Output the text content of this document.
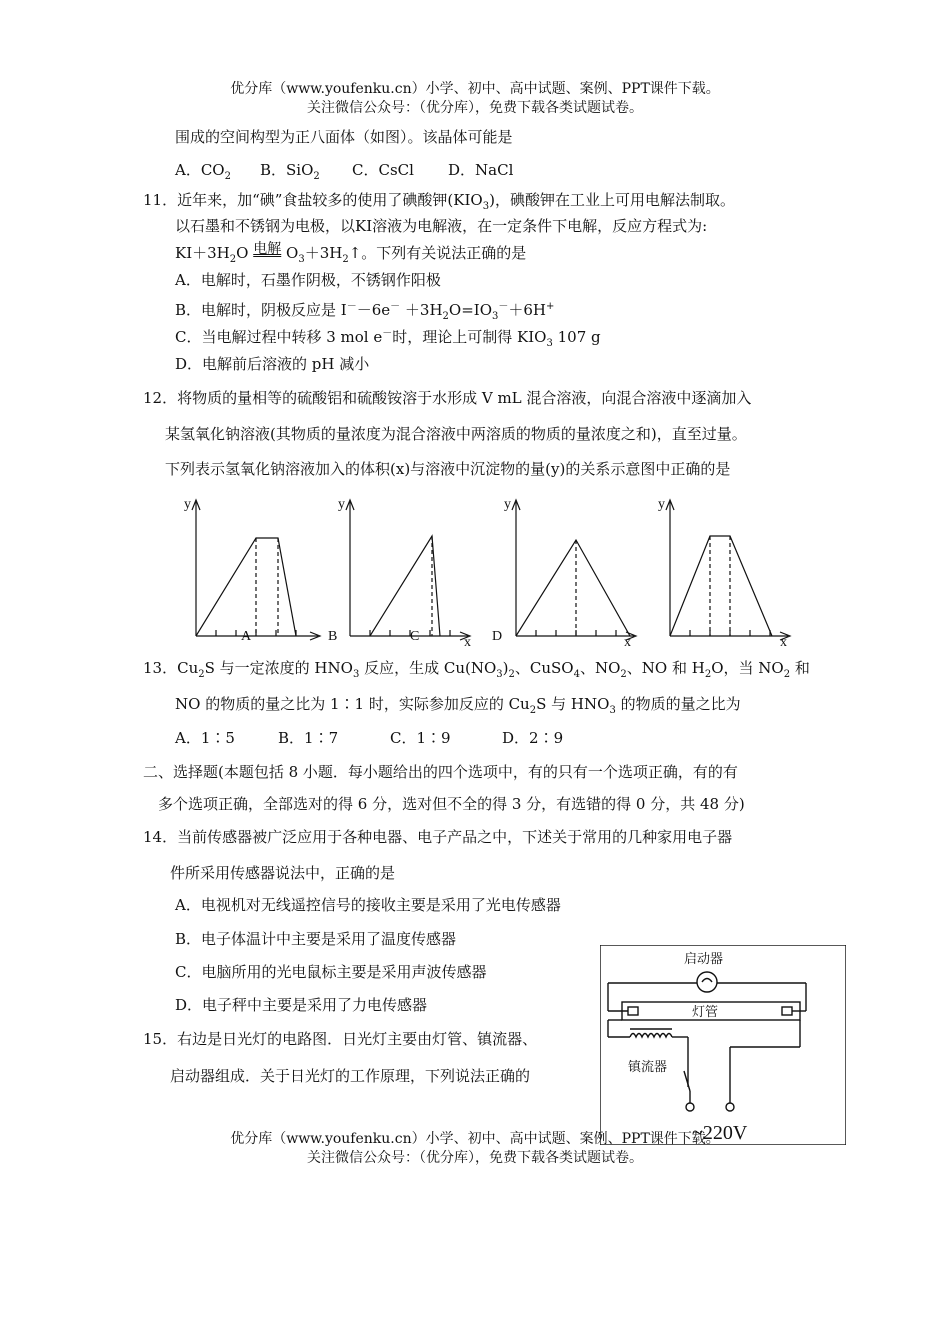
优分库（www.youfenku.cn）小学、初中、高中试题、案例、PPT课件下载。
关注微信公众号：（优分库），免费下载各类试题试卷。
围成的空间构型为正八面体（如图）。该晶体可能是
A．$CO_2$ B．SiO$_2$ C．CsCl D．NaCl
11．近年来，加“碘”食盐较多的使用了碘酸钾$(KIO_3)$，碘酸钾在工业上可用电解法制取。
以石墨和不锈钢为电极，以KI溶液为电解液，在一定条件下电解，反应方程式为:
$KI+3H_2O$ 电解 $O_3+3H_2↑$。下列有关说法正确的是
A．电解时，石墨作阴极，不锈钢作阳极
B．电解时，阴极反应是 $I^--6e^- +3H_2O=IO_3^-+6H^+$
C．当电解过程中转移 3 mol e－时，理论上可制得 $KIO_3$ 107 g
D．电解前后溶液的 pH 减小
12．将物质的量相等的硫酸铝和硫酸铵溶于水形成 V mL 混合溶液，向混合溶液中逐滴加入
某氢氧化钠溶液(其物质的量浓度为混合溶液中两溶质的物质的量浓度之和)，直至过量。
下列表示氢氧化钠溶液加入的体积(x)与溶液中沉淀物的量(y)的关系示意图中正确的是
y
A	B
y
x
C	D
y
x
y
x
13．$Cu_2S$ 与一定浓度的 $HNO_3$ 反应，生成 $Cu(NO_3)_2$、CuSO$_4$、$NO_2$、NO 和 $H_2O$，当 $NO_2$ 和
NO 的物质的量之比为 1∶1 时，实际参加反应的 $Cu_2S$ 与 $HNO_3$ 的物质的量之比为
A．1∶5	B．1∶7	C．1∶9	D．2∶9
二、选择题(本题包括 8 小题．每小题给出的四个选项中，有的只有一个选项正确，有的有
多个选项正确，全部选对的得 6 分，选对但不全的得 3 分，有选错的得 0 分，共 48 分)
14．当前传感器被广泛应用于各种电器、电子产品之中，下述关于常用的几种家用电子器
件所采用传感器说法中，正确的是
A．电视机对无线遥控信号的接收主要是采用了光电传感器
B．电子体温计中主要是采用了温度传感器
C．电脑所用的光电鼠标主要是采用声波传感器
D．电子秤中主要是采用了力电传感器
15．右边是日光灯的电路图．日光灯主要由灯管、镇流器、
启动器组成．关于日光灯的工作原理，下列说法正确的
启动器
灯管
镇流器
~220V
优分库（www.youfenku.cn）小学、初中、高中试题、案例、PPT课件下载。
关注微信公众号：（优分库），免费下载各类试题试卷。
